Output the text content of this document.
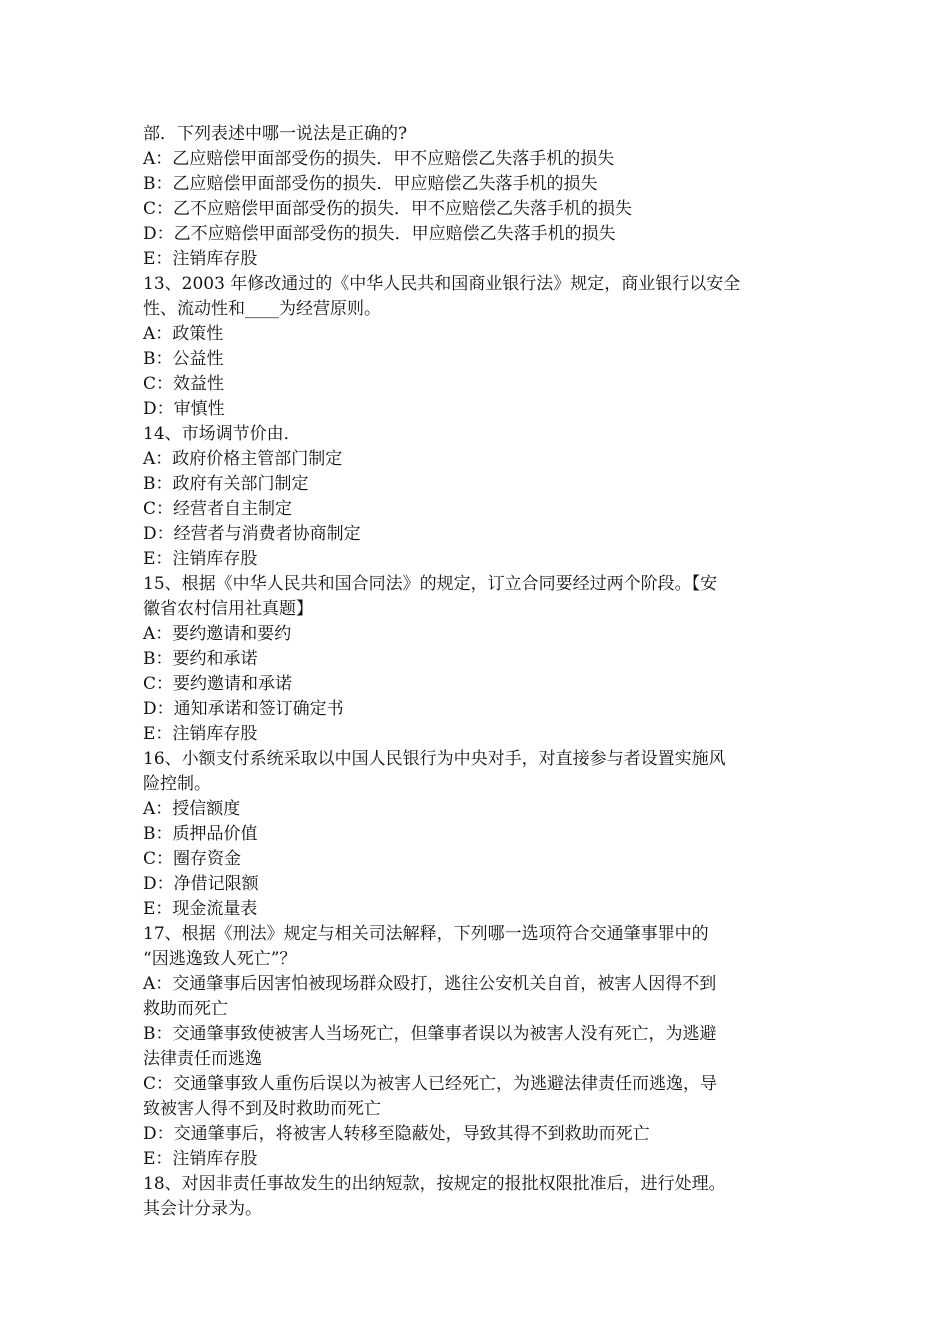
部．下列表述中哪一说法是正确的?
A：乙应赔偿甲面部受伤的损失．甲不应赔偿乙失落手机的损失
B：乙应赔偿甲面部受伤的损失．甲应赔偿乙失落手机的损失
C：乙不应赔偿甲面部受伤的损失．甲不应赔偿乙失落手机的损失
D：乙不应赔偿甲面部受伤的损失．甲应赔偿乙失落手机的损失
E：注销库存股
13、2003 年修改通过的《中华人民共和国商业银行法》规定，商业银行以安全
性、流动性和____为经营原则。
A：政策性
B：公益性
C：效益性
D：审慎性
14、市场调节价由．
A：政府价格主管部门制定
B：政府有关部门制定
C：经营者自主制定
D：经营者与消费者协商制定
E：注销库存股
15、根据《中华人民共和国合同法》的规定，订立合同要经过两个阶段。【安
徽省农村信用社真题】
A：要约邀请和要约
B：要约和承诺
C：要约邀请和承诺
D：通知承诺和签订确定书
E：注销库存股
16、小额支付系统采取以中国人民银行为中央对手，对直接参与者设置实施风
险控制。
A：授信额度
B：质押品价值
C：圈存资金
D：净借记限额
E：现金流量表
17、根据《刑法》规定与相关司法解释，下列哪一选项符合交通肇事罪中的
“因逃逸致人死亡”？
A：交通肇事后因害怕被现场群众殴打，逃往公安机关自首，被害人因得不到
救助而死亡
B：交通肇事致使被害人当场死亡，但肇事者误以为被害人没有死亡，为逃避
法律责任而逃逸
C：交通肇事致人重伤后误以为被害人已经死亡，为逃避法律责任而逃逸，导
致被害人得不到及时救助而死亡
D：交通肇事后，将被害人转移至隐蔽处，导致其得不到救助而死亡
E：注销库存股
18、对因非责任事故发生的出纳短款，按规定的报批权限批准后，进行处理。
其会计分录为。
